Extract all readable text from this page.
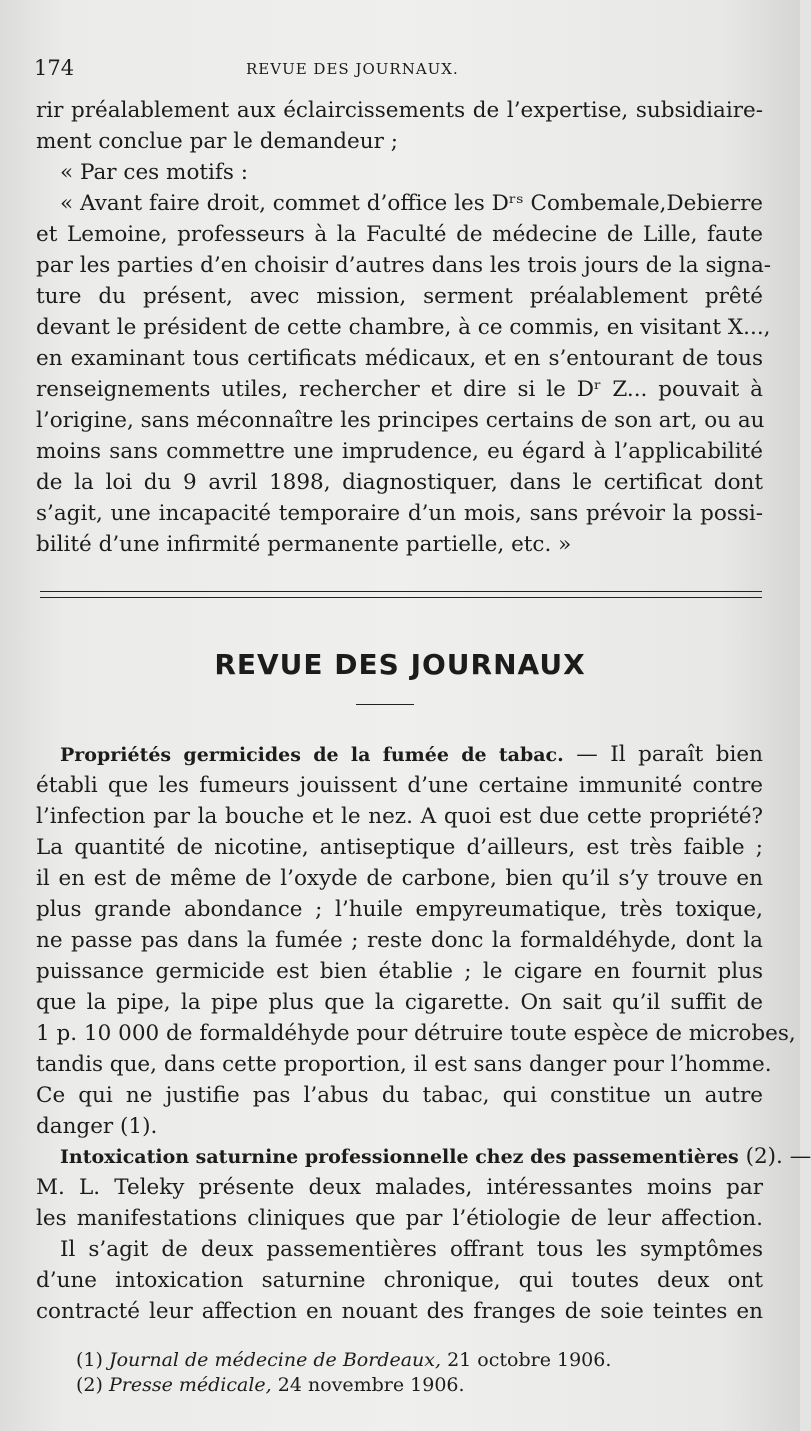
174	REVUE DES JOURNAUX.
rir préalablement aux éclaircissements de l’expertise, subsidiaire-
ment conclue par le demandeur ;
« Par ces motifs :
« Avant faire droit, commet d’office les Dʳˢ Combemale,Debierre
et Lemoine, professeurs à la Faculté de médecine de Lille, faute
par les parties d’en choisir d’autres dans les trois jours de la signa-
ture du présent, avec mission, serment préalablement prêté
devant le président de cette chambre, à ce commis, en visitant X...,
en examinant tous certificats médicaux, et en s’entourant de tous
renseignements utiles, rechercher et dire si le Dʳ Z... pouvait à
l’origine, sans méconnaître les principes certains de son art, ou au
moins sans commettre une imprudence, eu égard à l’applicabilité
de la loi du 9 avril 1898, diagnostiquer, dans le certificat dont
s’agit, une incapacité temporaire d’un mois, sans prévoir la possi-
bilité d’une infirmité permanente partielle, etc. »
REVUE DES JOURNAUX
Propriétés germicides de la fumée de tabac. — Il paraît bien
établi que les fumeurs jouissent d’une certaine immunité contre
l’infection par la bouche et le nez. A quoi est due cette propriété?
La quantité de nicotine, antiseptique d’ailleurs, est très faible ;
il en est de même de l’oxyde de carbone, bien qu’il s’y trouve en
plus grande abondance ; l’huile empyreumatique, très toxique,
ne passe pas dans la fumée ; reste donc la formaldéhyde, dont la
puissance germicide est bien établie ; le cigare en fournit plus
que la pipe, la pipe plus que la cigarette. On sait qu’il suffit de
1 p. 10 000 de formaldéhyde pour détruire toute espèce de microbes,
tandis que, dans cette proportion, il est sans danger pour l’homme.
Ce qui ne justifie pas l’abus du tabac, qui constitue un autre
danger (1).
Intoxication saturnine professionnelle chez des passementières (2). —
M. L. Teleky présente deux malades, intéressantes moins par
les manifestations cliniques que par l’étiologie de leur affection.
Il s’agit de deux passementières offrant tous les symptômes
d’une intoxication saturnine chronique, qui toutes deux ont
contracté leur affection en nouant des franges de soie teintes en
(1) Journal de médecine de Bordeaux, 21 octobre 1906.
(2) Presse médicale, 24 novembre 1906.
